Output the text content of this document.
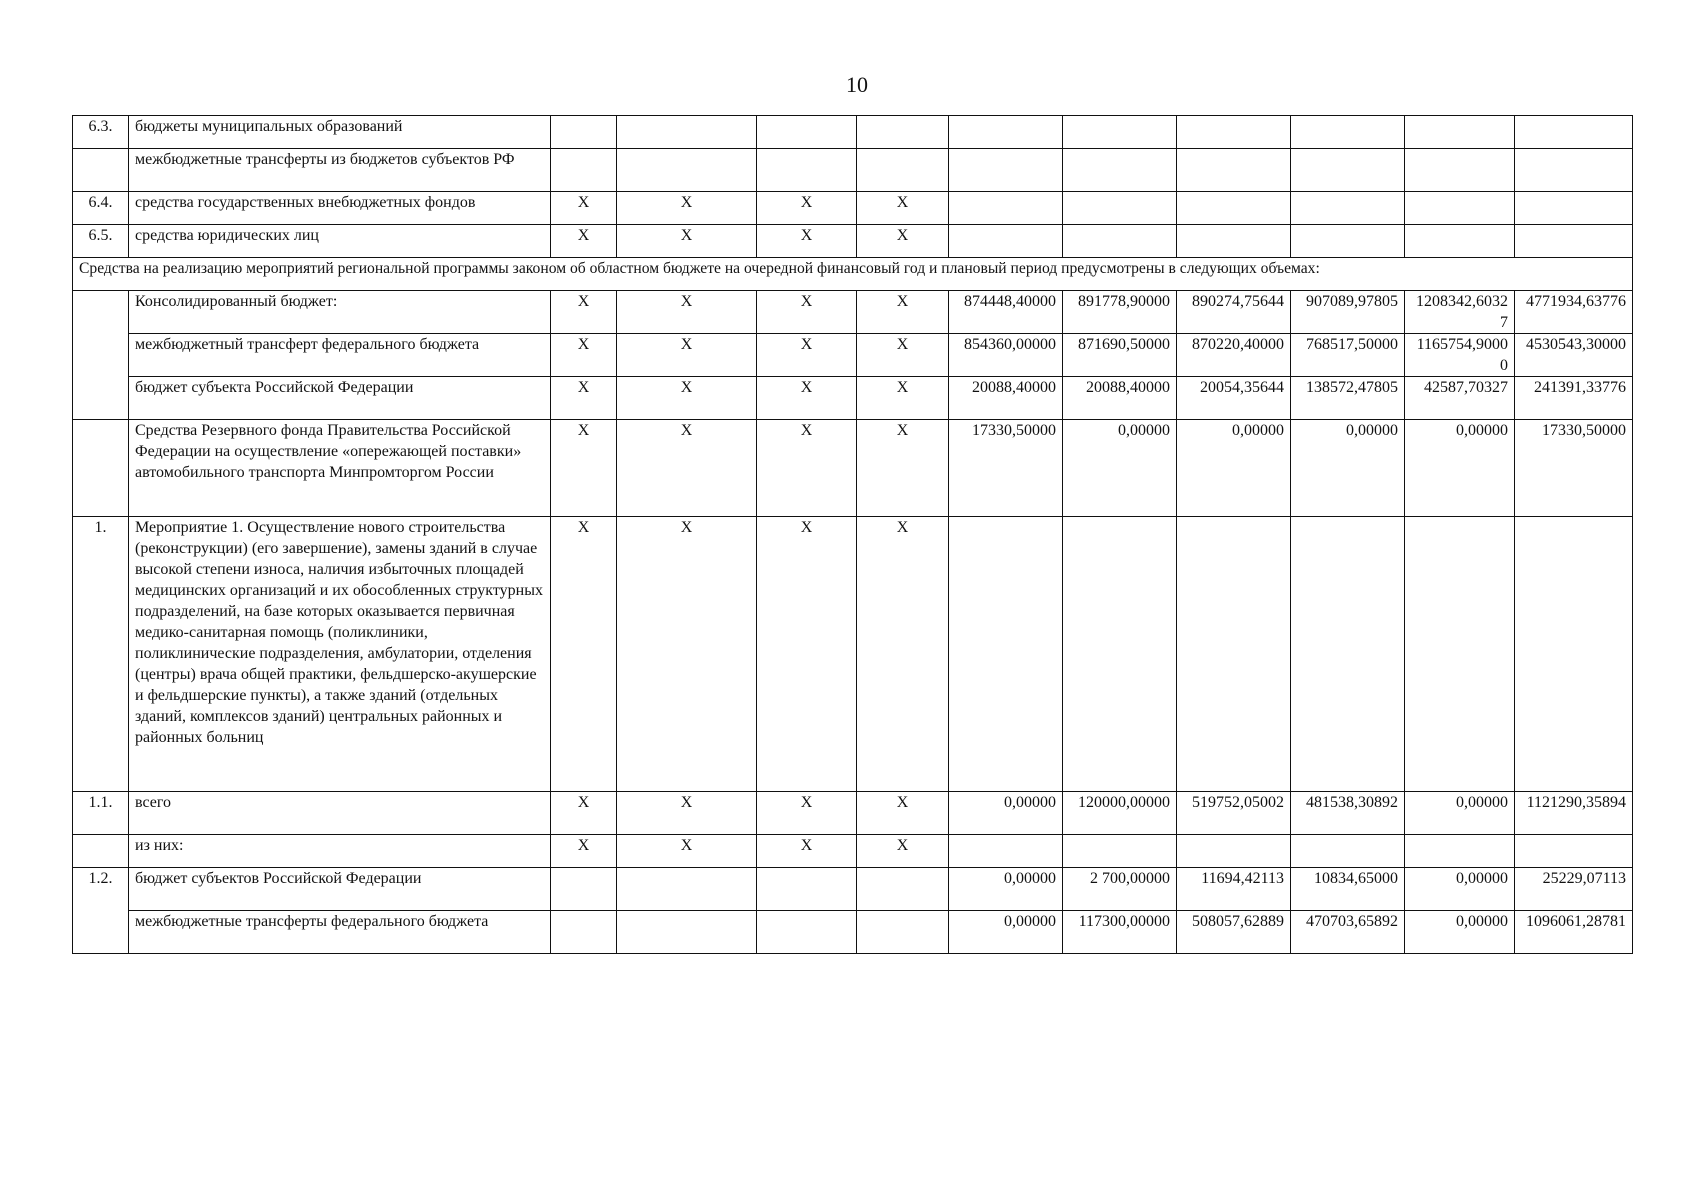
10
6.3.	бюджеты муниципальных образований										
	межбюджетные трансферты из бюджетов субъектов РФ										
6.4.	средства государственных внебюджетных фондов	X	X	X	X						
6.5.	средства юридических лиц	X	X	X	X						
Средства на реализацию мероприятий региональной программы законом об областном бюджете на очередной финансовый год и плановый период предусмотрены в следующих объемах:											
	Консолидированный бюджет:	X	X	X	X	874448,40000	891778,90000	890274,75644	907089,97805	1208342,60327	4771934,63776
	межбюджетный трансферт федерального бюджета	X	X	X	X	854360,00000	871690,50000	870220,40000	768517,50000	1165754,90000	4530543,30000
	бюджет субъекта Российской Федерации	X	X	X	X	20088,40000	20088,40000	20054,35644	138572,47805	42587,70327	241391,33776
	Средства Резервного фонда Правительства Российской Федерации на осуществление «опережающей поставки» автомобильного транспорта Минпромторгом России	X	X	X	X	17330,50000	0,00000	0,00000	0,00000	0,00000	17330,50000
1.	Мероприятие 1. Осуществление нового строительства (реконструкции) (его завершение), замены зданий в случае высокой степени износа, наличия избыточных площадей медицинских организаций и их обособленных структурных подразделений, на базе которых оказывается первичная медико-санитарная помощь (поликлиники, поликлинические подразделения, амбулатории, отделения (центры) врача общей практики, фельдшерско-акушерские и фельдшерские пункты), а также зданий (отдельных зданий, комплексов зданий) центральных районных и районных больниц	X	X	X	X						
1.1.	всего	X	X	X	X	0,00000	120000,00000	519752,05002	481538,30892	0,00000	1121290,35894
	из них:	X	X	X	X						
1.2.	бюджет субъектов Российской Федерации					0,00000	2 700,00000	11694,42113	10834,65000	0,00000	25229,07113
	межбюджетные трансферты федерального бюджета					0,00000	117300,00000	508057,62889	470703,65892	0,00000	1096061,28781
